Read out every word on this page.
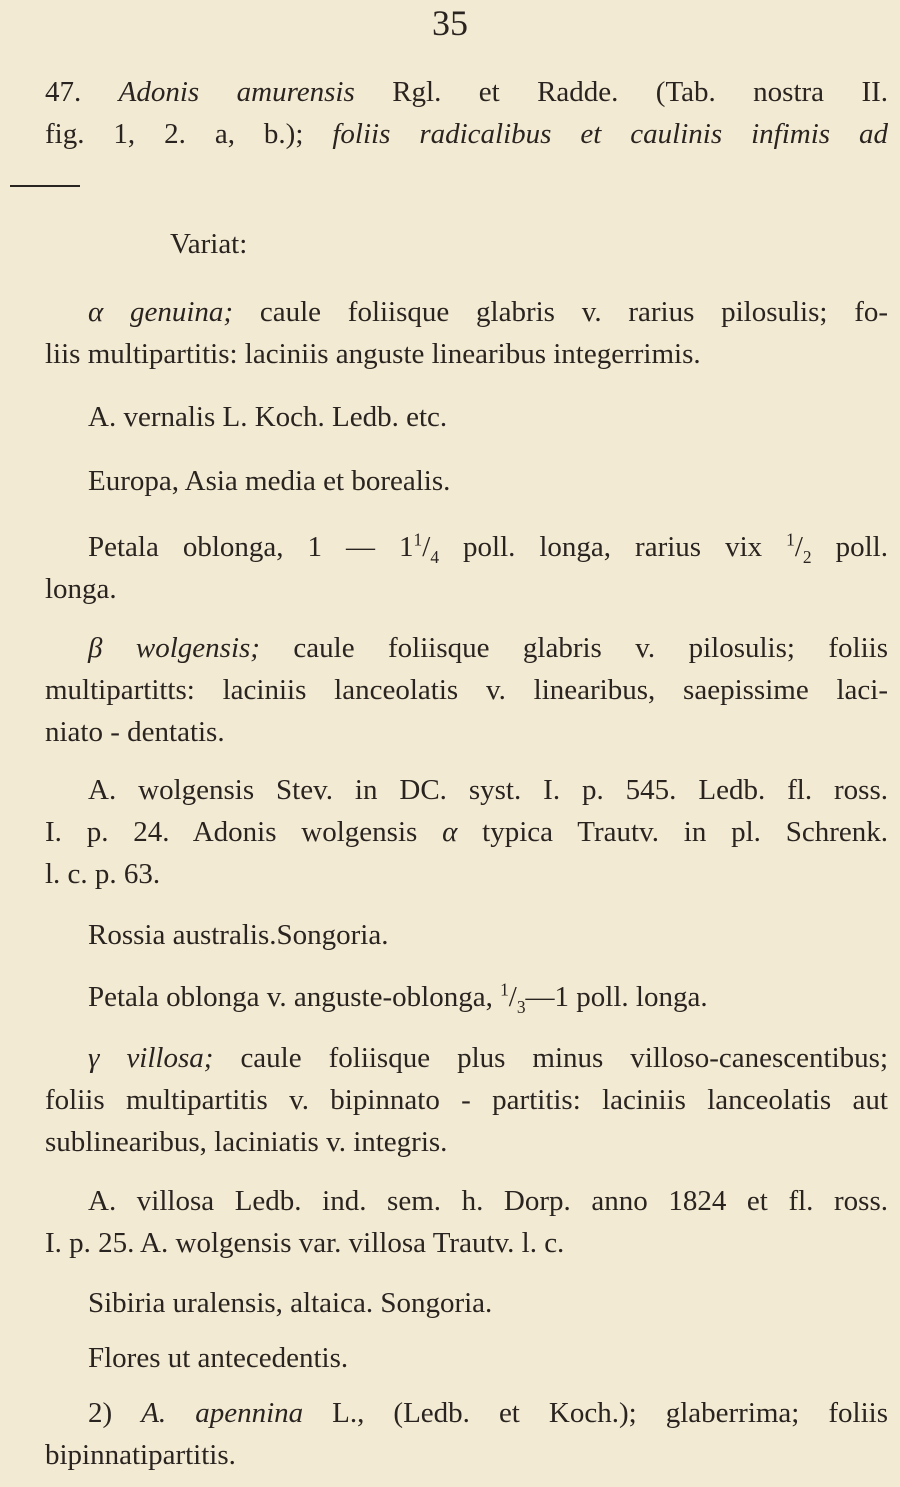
35
47. Adonis amurensis Rgl. et Radde. (Tab. nostra II.
fig. 1, 2. a, b.); foliis radicalibus et caulinis infimis ad
Variat:
α genuina; caule foliisque glabris v. rarius pilosulis; fo-
liis multipartitis: laciniis anguste linearibus integerrimis.
A. vernalis L. Koch. Ledb. etc.
Europa, Asia media et borealis.
Petala oblonga, 1 — $1^1/_4$ poll. longa, rarius vix $^1/_2$ poll.
longa.
β wolgensis; caule foliisque glabris v. pilosulis; foliis
multipartitts: laciniis lanceolatis v. linearibus, saepissime laci-
niato - dentatis.
A. wolgensis Stev. in DC. syst. I. p. 545. Ledb. fl. ross.
I. p. 24. Adonis wolgensis α typica Trautv. in pl. Schrenk.
l. c. p. 63.
Rossia australis.Songoria.
Petala oblonga v. anguste-oblonga, $^1/_3—1$ poll. longa.
γ villosa; caule foliisque plus minus villoso-canescentibus;
foliis multipartitis v. bipinnato - partitis: laciniis lanceolatis aut
sublinearibus, laciniatis v. integris.
A. villosa Ledb. ind. sem. h. Dorp. anno 1824 et fl. ross.
I. p. 25. A. wolgensis var. villosa Trautv. l. c.
Sibiria uralensis, altaica. Songoria.
Flores ut antecedentis.
2) A. apennina L., (Ledb. et Koch.); glaberrima; foliis
bipinnatipartitis.
